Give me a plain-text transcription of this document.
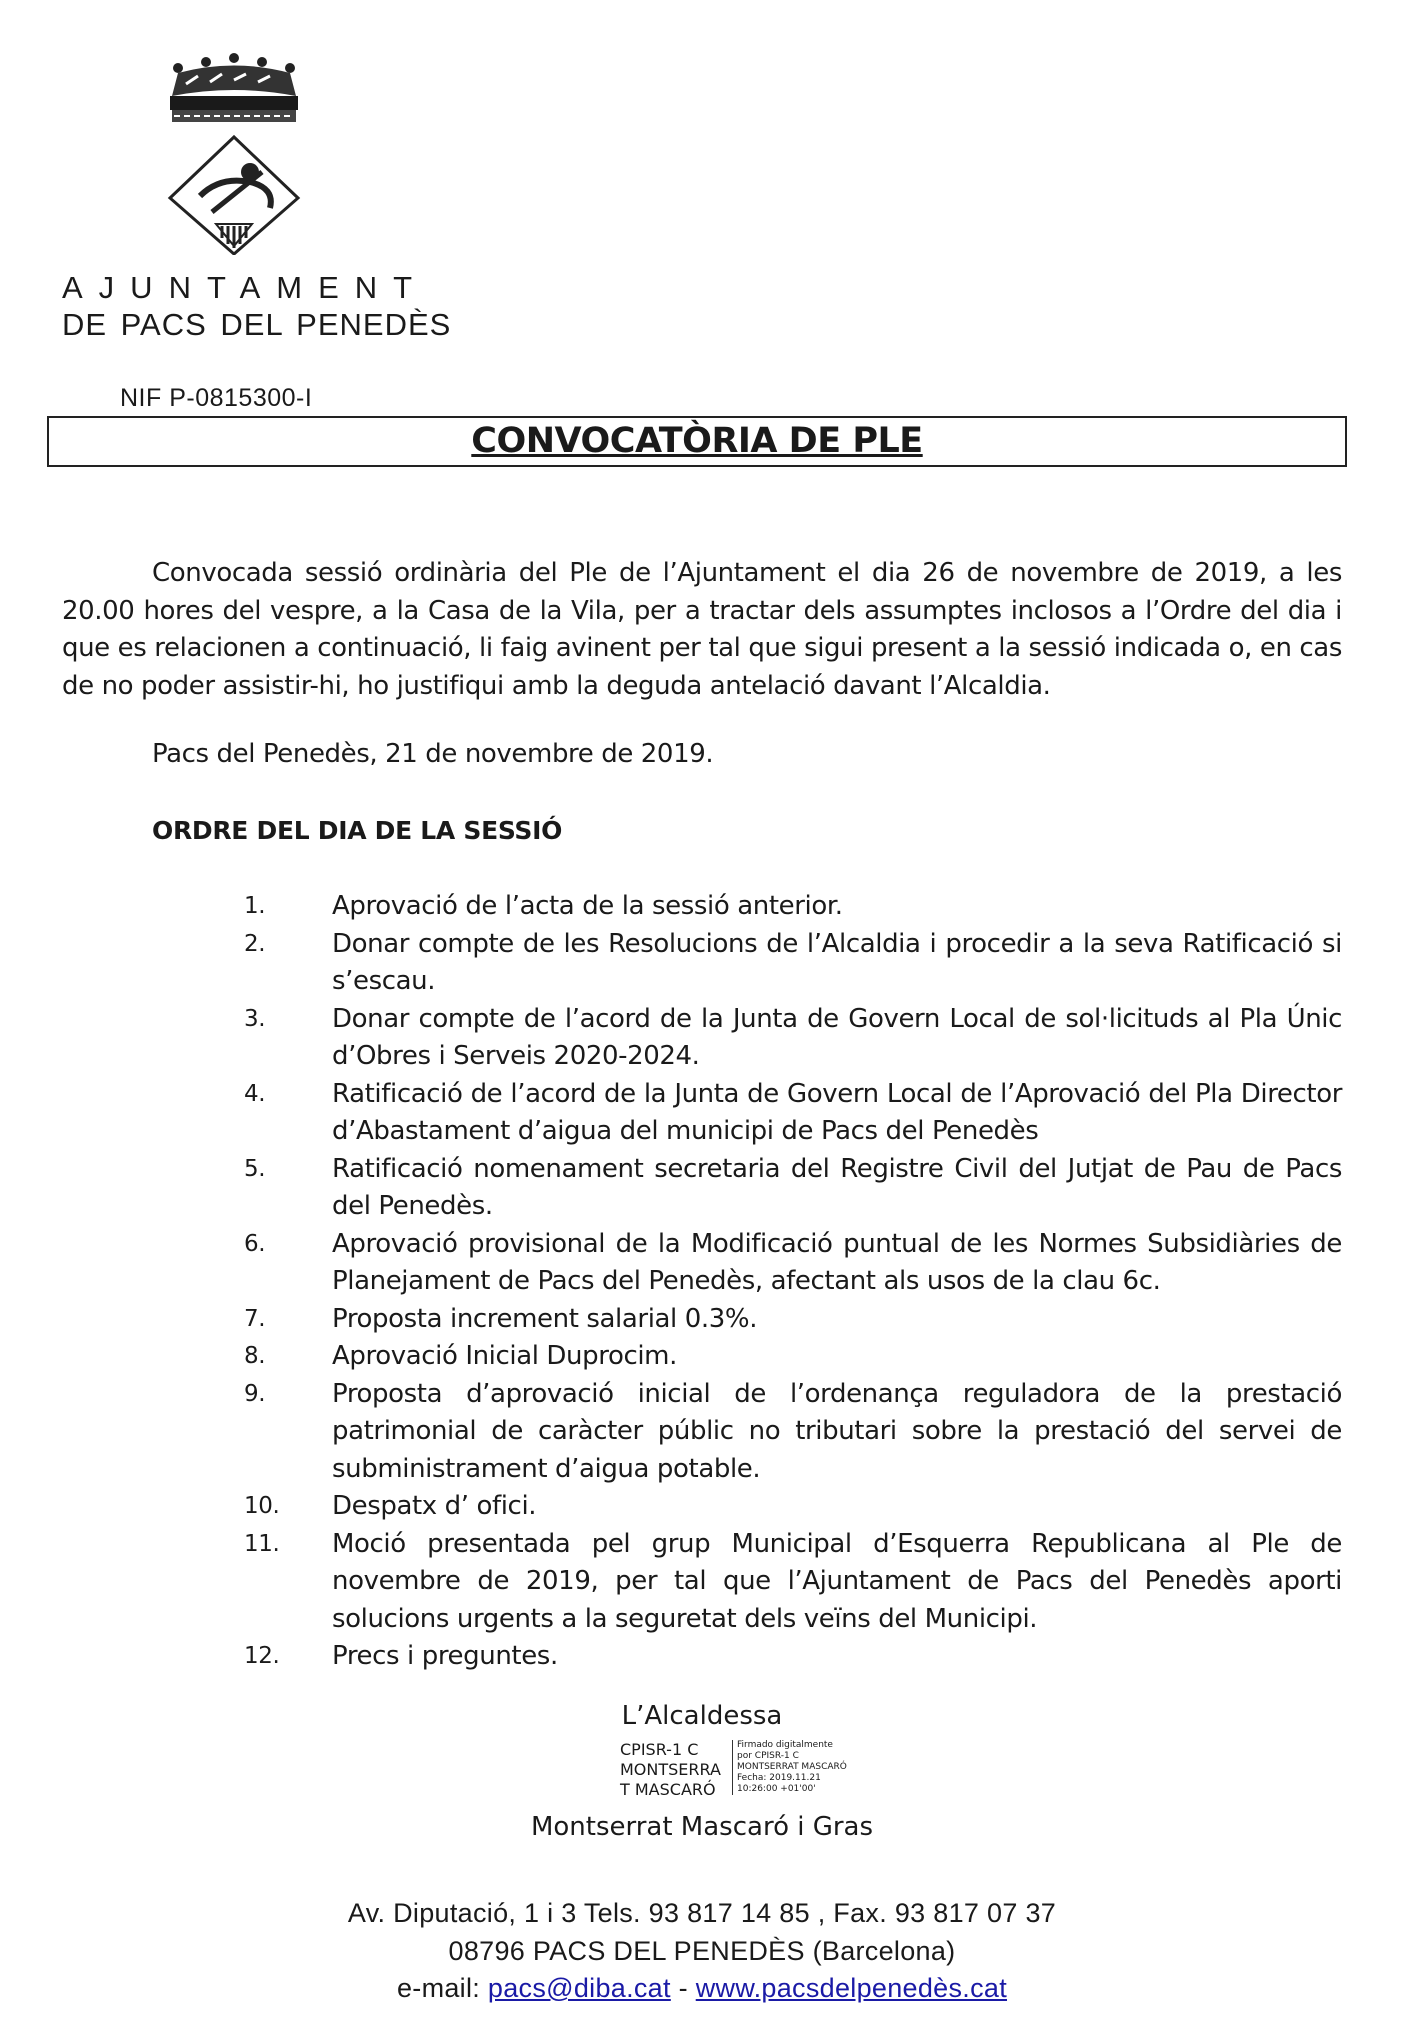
AJUNTAMENT
DE PACS DEL PENEDÈS
NIF P-0815300-I
CONVOCATÒRIA DE PLE
Convocada sessió ordinària del Ple de l’Ajuntament el dia 26 de novembre de 2019, a les 20.00 hores del vespre, a la Casa de la Vila, per a tractar dels assumptes inclosos a l’Ordre del dia i que es relacionen a continuació, li faig avinent per tal que sigui present a la sessió indicada o, en cas de no poder assistir-hi, ho justifiqui amb la deguda antelació davant l’Alcaldia.
Pacs del Penedès, 21 de novembre de 2019.
ORDRE DEL DIA DE LA SESSIÓ
1.	Aprovació de l’acta de la sessió anterior.
2.	Donar compte de les Resolucions de l’Alcaldia i procedir a la seva Ratificació si s’escau.
3.	Donar compte de l’acord de la Junta de Govern Local de sol·licituds al Pla Únic d’Obres i Serveis 2020-2024.
4.	Ratificació de l’acord de la Junta de Govern Local de l’Aprovació del Pla Director d’Abastament d’aigua del municipi de Pacs del Penedès
5.	Ratificació nomenament secretaria del Registre Civil del Jutjat de Pau de Pacs del Penedès.
6.	Aprovació provisional de la Modificació puntual de les Normes Subsidiàries de Planejament de Pacs del Penedès, afectant als usos de la clau 6c.
7.	Proposta increment salarial 0.3%.
8.	Aprovació Inicial Duprocim.
9.	Proposta d’aprovació inicial de l’ordenança reguladora de la prestació patrimonial de caràcter públic no tributari sobre la prestació del servei de subministrament d’aigua potable.
10. Despatx d’ ofici.
11. Moció presentada pel grup Municipal d’Esquerra Republicana al Ple de novembre de 2019, per tal que l’Ajuntament de Pacs del Penedès aporti solucions urgents a la seguretat dels veïns del Municipi.
12. Precs i preguntes.
L’Alcaldessa
CPISR-1 C
MONTSERRA
T MASCARÓ
Firmado digitalmente
por CPISR-1 C
MONTSERRAT MASCARÓ
Fecha: 2019.11.21
10:26:00 +01'00'
Montserrat Mascaró i Gras
Av. Diputació, 1 i 3 Tels. 93 817 14 85 , Fax. 93 817 07 37
08796 PACS DEL PENEDÈS (Barcelona)
e-mail: pacs@diba.cat - www.pacsdelpenedès.cat
